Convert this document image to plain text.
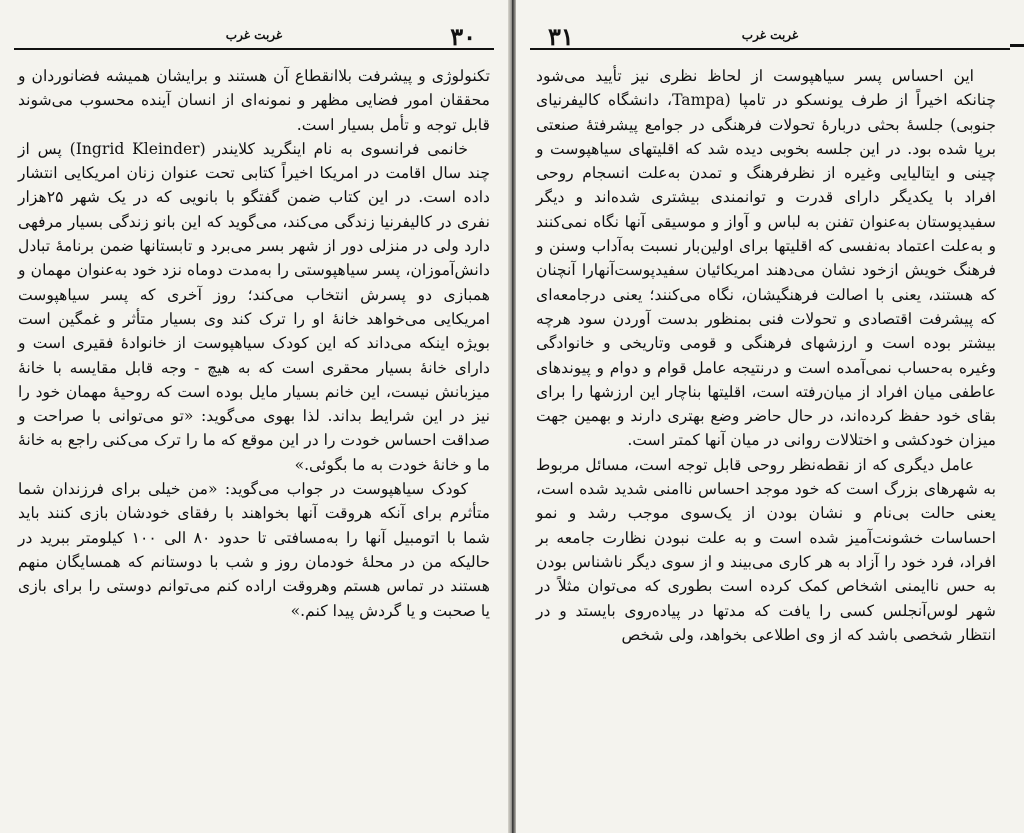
غربت غرب	۳۰

تکنولوژی و پیشرفت بلاانقطاع آن هستند و برایشان همیشه فضانوردان و محققان امور فضایی مظهر و نمونه‌ای از انسان آینده محسوب می‌شوند قابل توجه و تأمل بسیار است.

خانمی فرانسوی به نام اینگرید کلایندر (Ingrid Kleinder) پس از چند سال اقامت در امریکا اخیراً کتابی تحت عنوان زنان امریکایی انتشار داده است. در این کتاب ضمن گفتگو با بانویی که در یک شهر ۲۵هزار نفری در کالیفرنیا زندگی می‌کند، می‌گوید که این بانو زندگی بسیار مرفهی دارد ولی در منزلی دور از شهر بسر می‌برد و تابستانها ضمن برنامهٔ تبادل دانش‌آموزان، پسر سیاهپوستی را به‌مدت دوماه نزد خود به‌عنوان مهمان و همبازی دو پسرش انتخاب می‌کند؛ روز آخری که پسر سیاهپوست امریکایی می‌خواهد خانهٔ او را ترک کند وی بسیار متأثر و غمگین است بویژه اینکه می‌داند که این کودک سیاهپوست از خانوادهٔ فقیری است و دارای خانهٔ بسیار محقری است که به هیچ - وجه قابل مقایسه با خانهٔ میزبانش نیست، این خانم بسیار مایل بوده است که روحیهٔ مهمان خود را نیز در این شرایط بداند. لذا بهوی می‌گوید: «تو می‌توانی با صراحت و صداقت احساس خودت را در این موقع که ما را ترک می‌کنی راجع به خانهٔ ما و خانهٔ خودت به ما بگوئی.»

کودک سیاهپوست در جواب می‌گوید: «من خیلی برای فرزندان شما متأثرم برای آنکه هروقت آنها بخواهند با رفقای خودشان بازی کنند باید شما با اتومبیل آنها را به‌مسافتی تا حدود ۸۰ الی ۱۰۰ کیلومتر ببرید در حالیکه من در محلهٔ خودمان روز و شب با دوستانم که همسایگان منهم هستند در تماس هستم وهروقت اراده کنم می‌توانم دوستی را برای بازی یا صحبت و یا گردش پیدا کنم.»

غربت غرب
۳۱

این احساس پسر سیاهپوست از لحاظ نظری نیز تأیید می‌شود چنانکه اخیراً از طرف یونسکو در تامپا (Tampa، دانشگاه کالیفرنیای جنوبی) جلسهٔ بحثی دربارهٔ تحولات فرهنگی در جوامع پیشرفتهٔ صنعتی برپا شده بود. در این جلسه بخوبی دیده شد که اقلیتهای سیاهپوست و چینی و ایتالیایی وغیره از نظرفرهنگ و تمدن به‌علت انسجام روحی افراد با یکدیگر دارای قدرت و توانمندی بیشتری شده‌اند و دیگر سفیدپوستان به‌عنوان تفنن به لباس و آواز و موسیقی آنها نگاه نمی‌کنند و به‌علت اعتماد به‌نفسی که اقلیتها برای اولین‌بار نسبت به‌آداب وسنن و فرهنگ خویش ازخود نشان می‌دهند امریکائیان سفیدپوست‌آنهارا آنچنان که هستند، یعنی با اصالت فرهنگیشان، نگاه می‌کنند؛ یعنی درجامعه‌ای که پیشرفت اقتصادی و تحولات فنی بمنظور بدست آوردن سود هرچه بیشتر بوده است و ارزشهای فرهنگی و قومی وتاریخی و خانوادگی وغیره به‌حساب نمی‌آمده است و درنتیجه عامل قوام و دوام و پیوندهای عاطفی میان افراد از میان‌رفته است، اقلیتها بناچار این ارزشها را برای بقای خود حفظ کرده‌اند، در حال حاضر وضع بهتری دارند و بهمین جهت میزان خودکشی و اختلالات روانی در میان آنها کمتر است.

عامل دیگری که از نقطه‌نظر روحی قابل توجه است، مسائل مربوط به شهرهای بزرگ است که خود موجد احساس ناامنی شدید شده است، یعنی حالت بی‌نام و نشان بودن از یک‌سوی موجب رشد و نمو احساسات خشونت‌آمیز شده است و به علت نبودن نظارت جامعه بر افراد، فرد خود را آزاد به هر کاری می‌بیند و از سوی دیگر ناشناس بودن به حس ناایمنی اشخاص کمک کرده است بطوری که می‌توان مثلاً در شهر لوس‌آنجلس کسی را یافت که مدتها در پیاده‌روی بایستد و در انتظار شخصی باشد که از وی اطلاعی بخواهد، ولی شخص
